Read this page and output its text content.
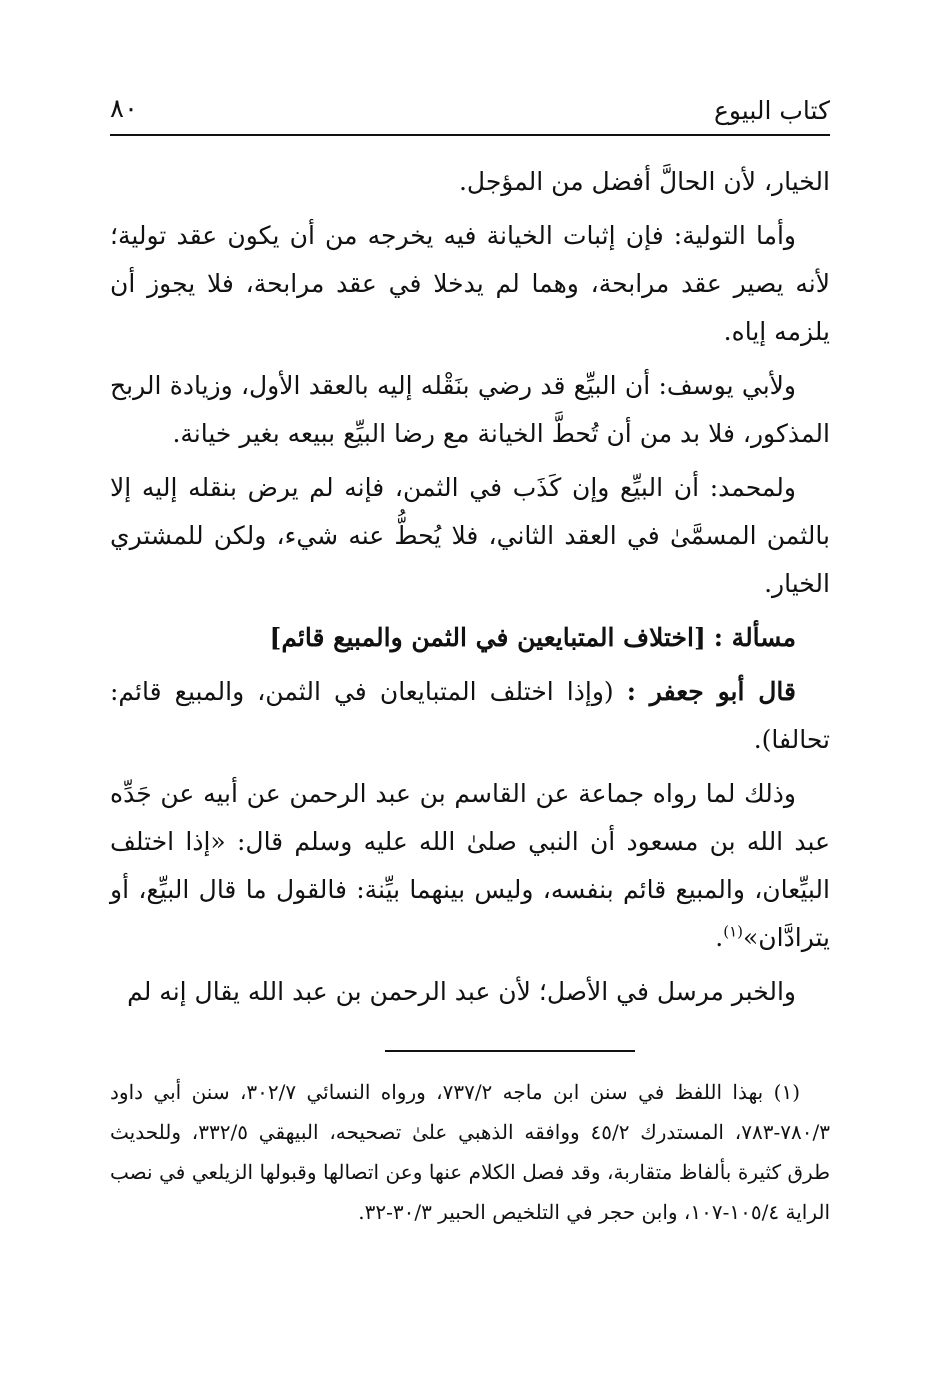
كتاب البيوع
٨٠

الخيار، لأن الحالَّ أفضل من المؤجل.

وأما التولية: فإن إثبات الخيانة فيه يخرجه من أن يكون عقد تولية؛ لأنه يصير عقد مرابحة، وهما لم يدخلا في عقد مرابحة، فلا يجوز أن يلزمه إياه.

ولأبي يوسف: أن البيِّع قد رضي بنَقْله إليه بالعقد الأول، وزيادة الربح المذكور، فلا بد من أن تُحطَّ الخيانة مع رضا البيِّع ببيعه بغير خيانة.

ولمحمد: أن البيِّع وإن كَذَب في الثمن، فإنه لم يرض بنقله إليه إلا بالثمن المسمَّىٰ في العقد الثاني، فلا يُحطُّ عنه شيء، ولكن للمشتري الخيار.

مسألة : [اختلاف المتبايعين في الثمن والمبيع قائم]

قال أبو جعفر : (وإذا اختلف المتبايعان في الثمن، والمبيع قائم: تحالفا).

وذلك لما رواه جماعة عن القاسم بن عبد الرحمن عن أبيه عن جَدِّه عبد الله بن مسعود أن النبي صلىٰ الله عليه وسلم قال: «إذا اختلف البيِّعان، والمبيع قائم بنفسه، وليس بينهما بيِّنة: فالقول ما قال البيِّع، أو يترادَّان»$^{(١)}$.

والخبر مرسل في الأصل؛ لأن عبد الرحمن بن عبد الله يقال إنه لم

(١) بهذا اللفظ في سنن ابن ماجه ٧٣٧/٢، ورواه النسائي ٣٠٢/٧، سنن أبي داود ٧٨٠/٣-٧٨٣، المستدرك ٤٥/٢ ووافقه الذهبي علىٰ تصحيحه، البيهقي ٣٣٢/٥، وللحديث طرق كثيرة بألفاظ متقاربة، وقد فصل الكلام عنها وعن اتصالها وقبولها الزيلعي في نصب الراية ١٠٥/٤-١٠٧، وابن حجر في التلخيص الحبير ٣٠/٣-٣٢.
